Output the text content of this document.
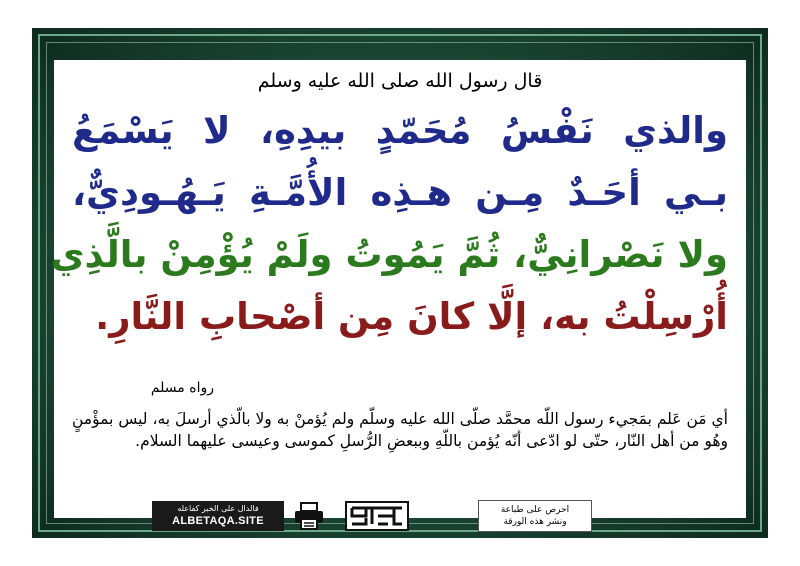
قال رسول الله صلى الله عليه وسلم
والذي نَفْسُ مُحَمّدٍ بيدِهِ، لا يَسْمَعُ
بـي أحَـدٌ مِـن هـذِه الأُمَّـةِ يَـهُـودِيٌّ،
ولا نَصْرانِيٌّ، ثُمَّ يَمُوتُ ولَمْ يُؤْمِنْ بالَّذِي
أُرْسِلْتُ به، إلَّا كانَ مِن أصْحابِ النَّارِ.
رواه مسلم
أي مَن عَلم بمَجيء رسول اللّه محمَّد صلّى الله عليه وسلّم ولم يُؤمنْ به ولا بالّذي أرسلَ به، ليس بمؤْمنٍ وهُو من أهل النّار، حتّى لو ادّعى أنّه يُؤمن باللّهِ وببعضِ الرُّسلِ كموسى وعيسى عليهما السلام.
فالدال على الخير كفاعله
ALBETAQA.SITE
احرص على طباعة
ونشر هذه الورقة
